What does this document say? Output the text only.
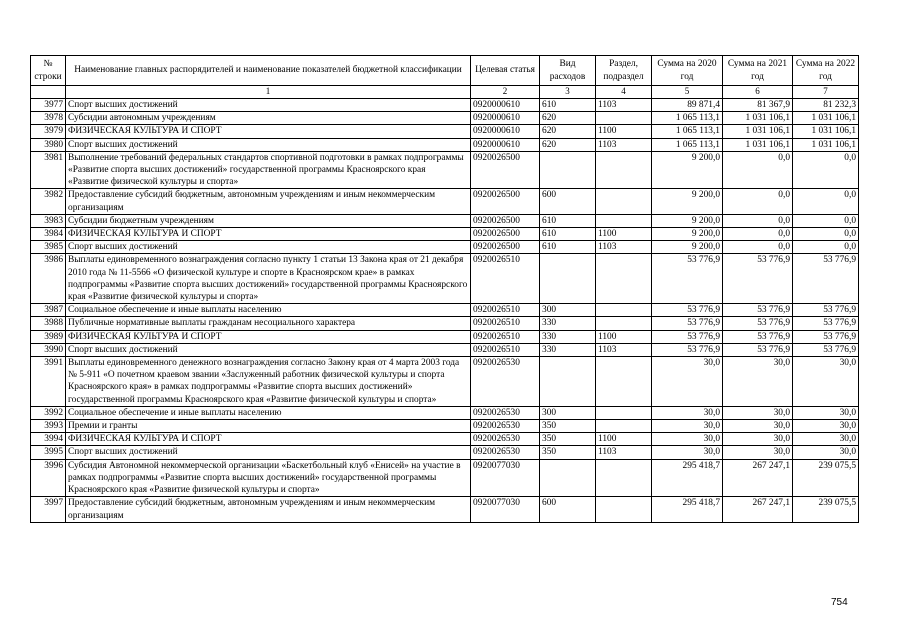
№ строки	Наименование главных распорядителей и наименование показателей бюджетной классификации	Целевая статья	Вид расходов	Раздел, подраздел	Сумма на 2020 год	Сумма на 2021 год	Сумма на 2022 год
	1	2	3	4	5	6	7
3977	Спорт высших достижений	0920000610	610	1103	89 871,4	81 367,9	81 232,3
3978	Субсидии автономным учреждениям	0920000610	620		1 065 113,1	1 031 106,1	1 031 106,1
3979	ФИЗИЧЕСКАЯ КУЛЬТУРА И СПОРТ	0920000610	620	1100	1 065 113,1	1 031 106,1	1 031 106,1
3980	Спорт высших достижений	0920000610	620	1103	1 065 113,1	1 031 106,1	1 031 106,1
3981	Выполнение требований федеральных стандартов спортивной подготовки в рамках подпрограммы «Развитие спорта высших достижений» государственной программы Красноярского края «Развитие физической культуры и спорта»	0920026500			9 200,0	0,0	0,0
3982	Предоставление субсидий бюджетным, автономным учреждениям и иным некоммерческим организациям	0920026500	600		9 200,0	0,0	0,0
3983	Субсидии бюджетным учреждениям	0920026500	610		9 200,0	0,0	0,0
3984	ФИЗИЧЕСКАЯ КУЛЬТУРА И СПОРТ	0920026500	610	1100	9 200,0	0,0	0,0
3985	Спорт высших достижений	0920026500	610	1103	9 200,0	0,0	0,0
3986	Выплаты единовременного вознаграждения согласно пункту 1 статьи 13 Закона края от 21 декабря 2010 года № 11-5566 «О физической культуре и спорте в Красноярском крае» в рамках подпрограммы «Развитие спорта высших достижений» государственной программы Красноярского края «Развитие физической культуры и спорта»	0920026510			53 776,9	53 776,9	53 776,9
3987	Социальное обеспечение и иные выплаты населению	0920026510	300		53 776,9	53 776,9	53 776,9
3988	Публичные нормативные выплаты гражданам несоциального характера	0920026510	330		53 776,9	53 776,9	53 776,9
3989	ФИЗИЧЕСКАЯ КУЛЬТУРА И СПОРТ	0920026510	330	1100	53 776,9	53 776,9	53 776,9
3990	Спорт высших достижений	0920026510	330	1103	53 776,9	53 776,9	53 776,9
3991	Выплаты единовременного денежного вознаграждения согласно Закону края от 4 марта 2003 года № 5-911 «О почетном краевом звании «Заслуженный работник физической культуры и спорта Красноярского края» в рамках подпрограммы «Развитие спорта высших достижений» государственной программы Красноярского края «Развитие физической культуры и спорта»	0920026530			30,0	30,0	30,0
3992	Социальное обеспечение и иные выплаты населению	0920026530	300		30,0	30,0	30,0
3993	Премии и гранты	0920026530	350		30,0	30,0	30,0
3994	ФИЗИЧЕСКАЯ КУЛЬТУРА И СПОРТ	0920026530	350	1100	30,0	30,0	30,0
3995	Спорт высших достижений	0920026530	350	1103	30,0	30,0	30,0
3996	Субсидия Автономной некоммерческой организации «Баскетбольный клуб «Енисей» на участие в рамках подпрограммы «Развитие спорта высших достижений» государственной программы Красноярского края «Развитие физической культуры и спорта»	0920077030			295 418,7	267 247,1	239 075,5
3997	Предоставление субсидий бюджетным, автономным учреждениям и иным некоммерческим организациям	0920077030	600		295 418,7	267 247,1	239 075,5
754
